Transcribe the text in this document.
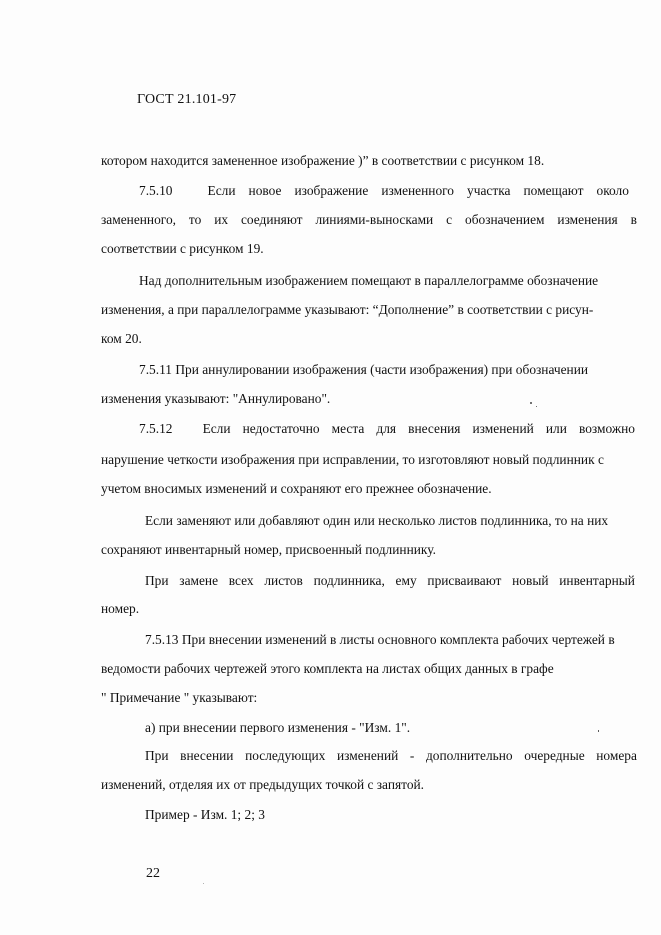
ГОСТ 21.101-97
котором находится замененное изображение )” в соответствии с рисунком 18.
7.5.10	Если новое изображение измененного участка помещают около
замененного, то их соединяют линиями-выносками с обозначением изменения в
соответствии с рисунком 19.
Над дополнительным изображением помещают в параллелограмме обозначение
изменения, а при параллелограмме указывают: “Дополнение” в соответствии с рисун-
ком 20.
7.5.11 При аннулировании изображения (части изображения) при обозначении
изменения указывают: "Аннулировано".
7.5.12 Если недостаточно места для внесения изменений или возможно
нарушение четкости изображения при исправлении, то изготовляют новый подлинник с
учетом вносимых изменений и сохраняют его прежнее обозначение.
Если заменяют или добавляют один или несколько листов подлинника, то на них
сохраняют инвентарный номер, присвоенный подлиннику.
При замене всех листов подлинника, ему присваивают новый инвентарный
номер.
7.5.13 При внесении изменений в листы основного комплекта рабочих чертежей в
ведомости рабочих чертежей этого комплекта на листах общих данных в графе
" Примечание " указывают:
а) при внесении первого изменения - "Изм. 1".
При внесении последующих изменений - дополнительно очередные номера
изменений, отделяя их от предыдущих точкой с запятой.
Пример - Изм. 1; 2; 3
22
